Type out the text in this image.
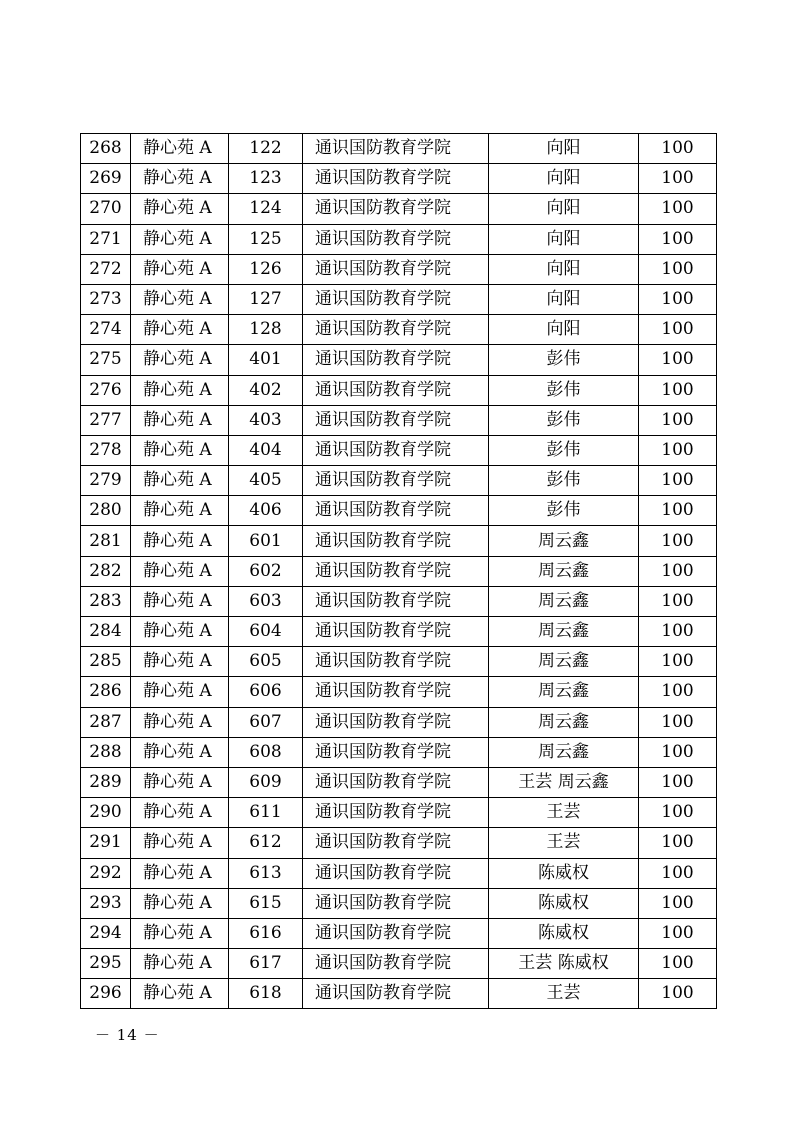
268	静心苑 A	122	通识国防教育学院	向阳	100
269	静心苑 A	123	通识国防教育学院	向阳	100
270	静心苑 A	124	通识国防教育学院	向阳	100
271	静心苑 A	125	通识国防教育学院	向阳	100
272	静心苑 A	126	通识国防教育学院	向阳	100
273	静心苑 A	127	通识国防教育学院	向阳	100
274	静心苑 A	128	通识国防教育学院	向阳	100
275	静心苑 A	401	通识国防教育学院	彭伟	100
276	静心苑 A	402	通识国防教育学院	彭伟	100
277	静心苑 A	403	通识国防教育学院	彭伟	100
278	静心苑 A	404	通识国防教育学院	彭伟	100
279	静心苑 A	405	通识国防教育学院	彭伟	100
280	静心苑 A	406	通识国防教育学院	彭伟	100
281	静心苑 A	601	通识国防教育学院	周云鑫	100
282	静心苑 A	602	通识国防教育学院	周云鑫	100
283	静心苑 A	603	通识国防教育学院	周云鑫	100
284	静心苑 A	604	通识国防教育学院	周云鑫	100
285	静心苑 A	605	通识国防教育学院	周云鑫	100
286	静心苑 A	606	通识国防教育学院	周云鑫	100
287	静心苑 A	607	通识国防教育学院	周云鑫	100
288	静心苑 A	608	通识国防教育学院	周云鑫	100
289	静心苑 A	609	通识国防教育学院	王芸 周云鑫	100
290	静心苑 A	611	通识国防教育学院	王芸	100
291	静心苑 A	612	通识国防教育学院	王芸	100
292	静心苑 A	613	通识国防教育学院	陈威权	100
293	静心苑 A	615	通识国防教育学院	陈威权	100
294	静心苑 A	616	通识国防教育学院	陈威权	100
295	静心苑 A	617	通识国防教育学院	王芸 陈威权	100
296	静心苑 A	618	通识国防教育学院	王芸	100
－ 14 －
